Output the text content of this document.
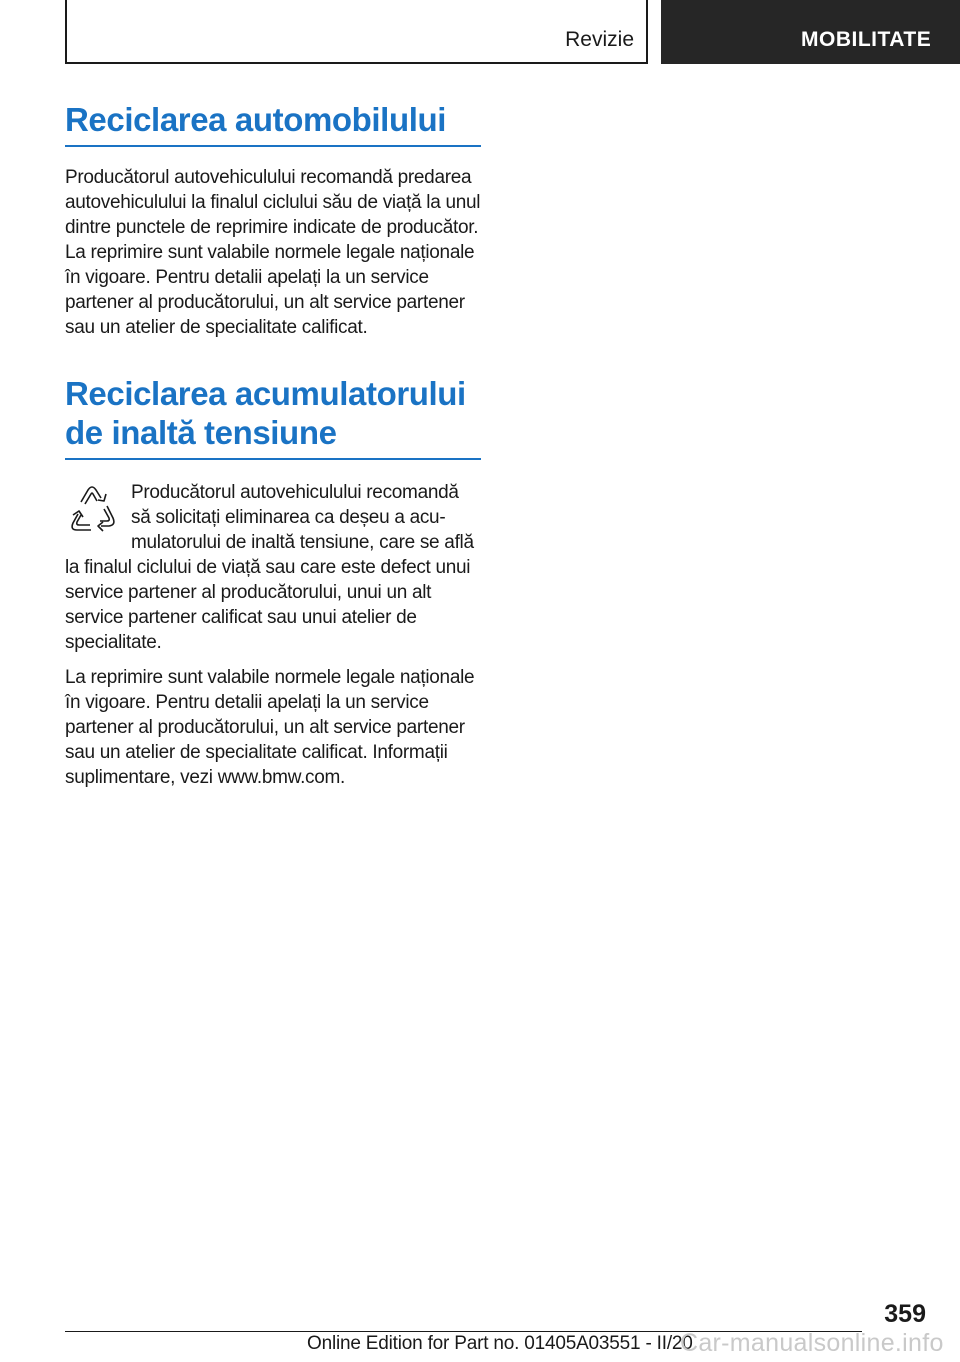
Revizie	MOBILITATE
Reciclarea automobilului

Producătorul autovehiculului recomandă predarea autovehiculului la finalul ciclului său de viață la unul dintre punctele de reprimire indicate de producător. La reprimire sunt valabile normele legale naționale în vigoare. Pentru detalii apelați la un service partener al producătorului, un alt service partener sau un atelier de specialitate calificat.

Reciclarea acumulatorului
de inaltă tensiune

Producătorul autovehiculului recomandă să solicitați eliminarea ca deșeu a acumulatorului de inaltă tensiune, care se află la finalul ciclului de viață sau care este defect unui service partener al producătorului, unui un alt service partener calificat sau unui atelier de specialitate.

La reprimire sunt valabile normele legale naționale în vigoare. Pentru detalii apelați la un service partener al producătorului, un alt service partener sau un atelier de specialitate calificat. Informații suplimentare, vezi www.bmw.com.

359
Online Edition for Part no. 01405A03551 - II/20
Car-manualsonline.info
